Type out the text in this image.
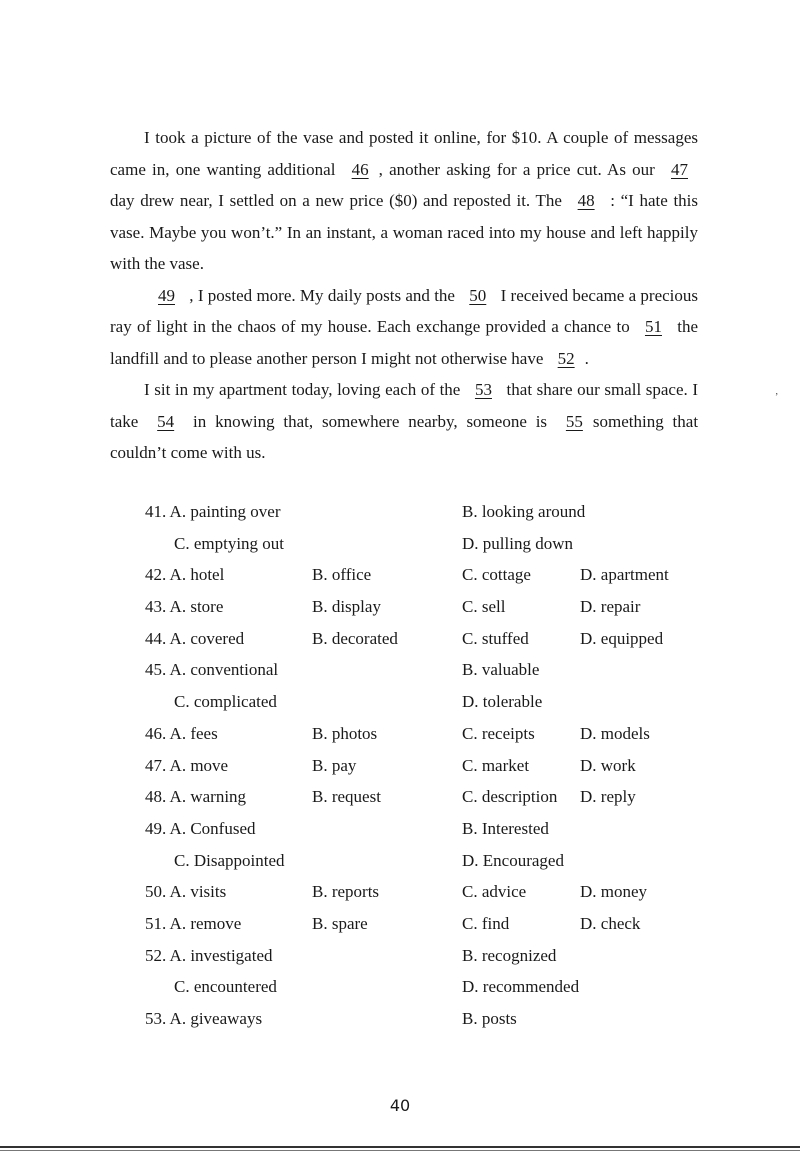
I took a picture of the vase and posted it online, for $10. A couple of messages came in, one wanting additional 46 , another asking for a price cut. As our 47 day drew near, I settled on a new price ($0) and reposted it. The 48 : “I hate this vase. Maybe you won’t.” In an instant, a woman raced into my house and left happily with the vase.

49 , I posted more. My daily posts and the 50 I received became a precious ray of light in the chaos of my house. Each exchange provided a chance to 51 the landfill and to please another person I might not otherwise have 52 .

I sit in my apartment today, loving each of the 53 that share our small space. I take 54 in knowing that, somewhere nearby, someone is 55 something that couldn’t come with us.

41. A. painting over	B. looking around
C. emptying out	D. pulling down
42. A. hotel	B. office	C. cottage	D. apartment
43. A. store	B. display	C. sell	D. repair
44. A. covered	B. decorated	C. stuffed	D. equipped
45. A. conventional	B. valuable
C. complicated	D. tolerable
46. A. fees	B. photos	C. receipts	D. models
47. A. move	B. pay	C. market	D. work
48. A. warning	B. request	C. description D. reply
49. A. Confused	B. Interested
C. Disappointed	D. Encouraged
50. A. visits	B. reports	C. advice	D. money
51. A. remove	B. spare	C. find	D. check
52. A. investigated	B. recognized
C. encountered	D. recommended
53. A. giveaways	B. posts
‚
40
